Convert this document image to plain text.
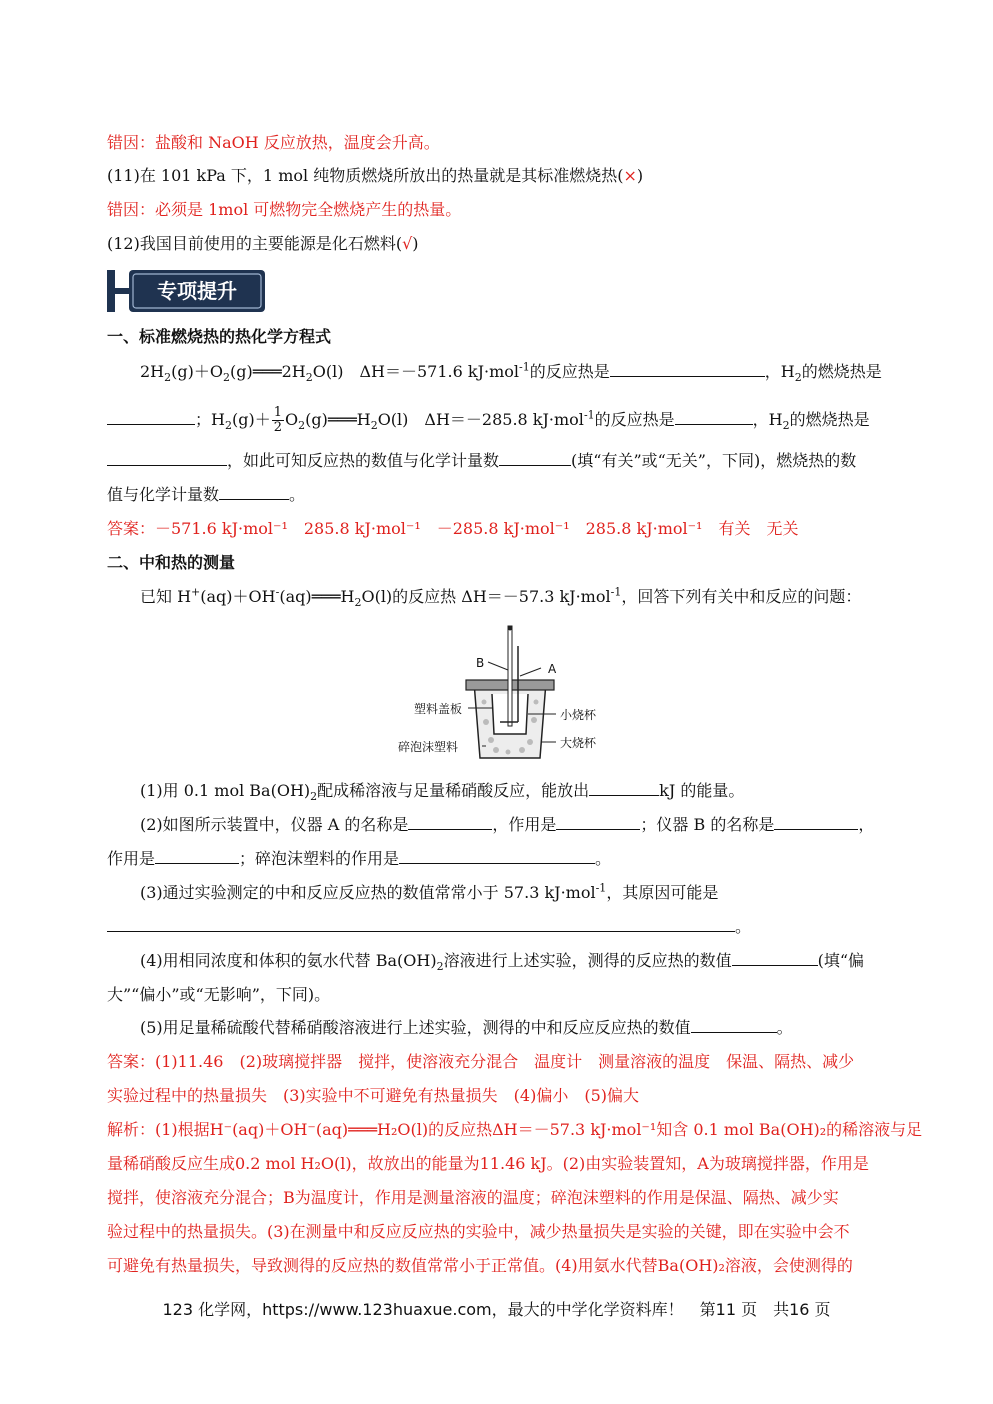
错因：盐酸和 NaOH 反应放热，温度会升高。
(11)在 101 kPa 下，1 mol 纯物质燃烧所放出的热量就是其标准燃烧热(×)
错因：必须是 1mol 可燃物完全燃烧产生的热量。
(12)我国目前使用的主要能源是化石燃料(√)
专项提升
一、标准燃烧热的热化学方程式
$2H_2(g)+O_2(g)═══2H_2O(l)$　ΔH＝－571.6 kJ·mol$^{-1}$的反应热是	，$H_2$的燃烧热是
；$H_2(g)+ \frac{1}{2}$ $O_2(g)═══H_2O(l)$　ΔH＝－285.8 kJ·mol$^{-1}$的反应热是	，$H_2$的燃烧热是
，如此可知反应热的数值与化学计量数	(填“有关”或“无关”，下同)，燃烧热的数
值与化学计量数	。
答案：－571.6 kJ·mol⁻¹　285.8 kJ·mol⁻¹　－285.8 kJ·mol⁻¹　285.8 kJ·mol⁻¹　有关　无关
二、中和热的测量
已知 $H^+(aq)+OH^-(aq)═══H_2O(l)$的反应热 ΔH＝－57.3 kJ·mol$^{-1}$，回答下列有关中和反应的问题：
B	A
塑料盖板	小烧杯
碎泡沫塑料	大烧杯
(1)用 0.1 mol $Ba(OH)_2$配成稀溶液与足量稀硝酸反应，能放出	kJ 的能量。
(2)如图所示装置中，仪器 A 的名称是	，作用是	；仪器 B 的名称是	，
作用是	；碎泡沫塑料的作用是	。
(3)通过实验测定的中和反应反应热的数值常常小于 57.3 kJ·mol$^{-1}$，其原因可能是
。
(4)用相同浓度和体积的氨水代替 $Ba(OH)_2$溶液进行上述实验，测得的反应热的数值	(填“偏
大”“偏小”或“无影响”，下同)。
(5)用足量稀硫酸代替稀硝酸溶液进行上述实验，测得的中和反应反应热的数值	。
答案：(1)11.46　(2)玻璃搅拌器　搅拌，使溶液充分混合　温度计　测量溶液的温度　保温、隔热、减少
实验过程中的热量损失　(3)实验中不可避免有热量损失　(4)偏小　(5)偏大
解析：(1)根据H⁻(aq)＋OH⁻(aq)═══H₂O(l)的反应热ΔH＝－57.3 kJ·mol⁻¹知含 0.1 mol Ba(OH)₂的稀溶液与足
量稀硝酸反应生成0.2 mol H₂O(l)，故放出的能量为11.46 kJ。(2)由实验装置知，A为玻璃搅拌器，作用是
搅拌，使溶液充分混合；B为温度计，作用是测量溶液的温度；碎泡沫塑料的作用是保温、隔热、减少实
验过程中的热量损失。(3)在测量中和反应反应热的实验中，减少热量损失是实验的关键，即在实验中会不
可避免有热量损失，导致测得的反应热的数值常常小于正常值。(4)用氨水代替Ba(OH)₂溶液，会使测得的
123 化学网，https://www.123huaxue.com，最大的中学化学资料库！　第11 页　共16 页
